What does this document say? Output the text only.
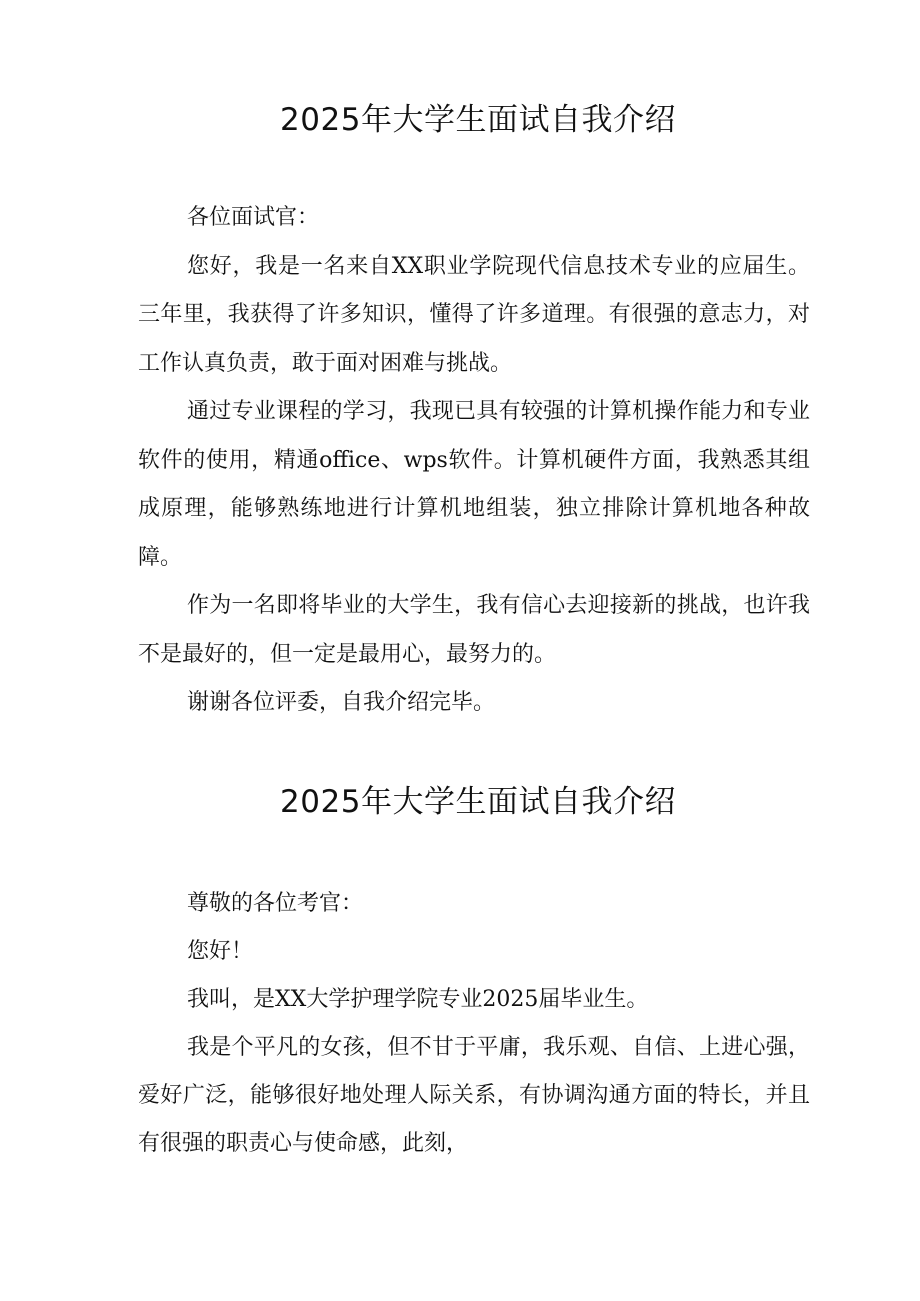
2025年大学生面试自我介绍

各位面试官：

您好，我是一名来自XX职业学院现代信息技术专业的应届生。三年里，我获得了许多知识，懂得了许多道理。有很强的意志力，对工作认真负责，敢于面对困难与挑战。

通过专业课程的学习，我现已具有较强的计算机操作能力和专业软件的使用，精通office、wps软件。计算机硬件方面，我熟悉其组成原理，能够熟练地进行计算机地组装，独立排除计算机地各种故障。

作为一名即将毕业的大学生，我有信心去迎接新的挑战，也许我不是最好的，但一定是最用心，最努力的。

谢谢各位评委，自我介绍完毕。

2025年大学生面试自我介绍

尊敬的各位考官：

您好！

我叫，是XX大学护理学院专业2025届毕业生。

我是个平凡的女孩，但不甘于平庸，我乐观、自信、上进心强，爱好广泛，能够很好地处理人际关系，有协调沟通方面的特长，并且有很强的职责心与使命感，此刻，
